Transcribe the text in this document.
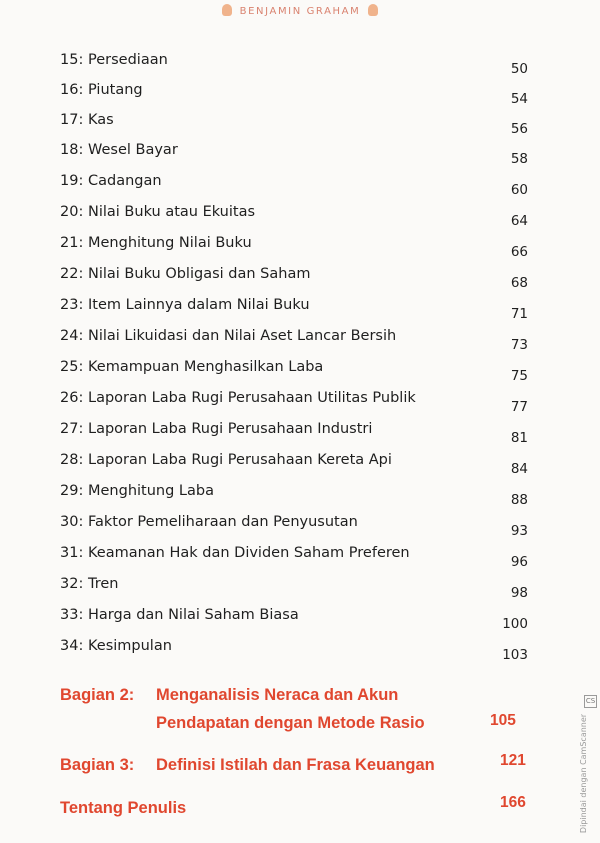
BENJAMIN GRAHAM
15: Persediaan
50
16: Piutang
54
17: Kas
56
18: Wesel Bayar
58
19: Cadangan
60
20: Nilai Buku atau Ekuitas
64
21: Menghitung Nilai Buku
66
22: Nilai Buku Obligasi dan Saham
68
23: Item Lainnya dalam Nilai Buku
71
24: Nilai Likuidasi dan Nilai Aset Lancar Bersih
73
25: Kemampuan Menghasilkan Laba
75
26: Laporan Laba Rugi Perusahaan Utilitas Publik
77
27: Laporan Laba Rugi Perusahaan Industri
81
28: Laporan Laba Rugi Perusahaan Kereta Api
84
29: Menghitung Laba
88
30: Faktor Pemeliharaan dan Penyusutan
93
31: Keamanan Hak dan Dividen Saham Preferen
96
32: Tren
98
33: Harga dan Nilai Saham Biasa
100
34: Kesimpulan
103
Bagian 2: Menganalisis Neraca dan Akun
Pendapatan dengan Metode Rasio	105
Bagian 3: Definisi Istilah dan Frasa Keuangan	121
Tentang Penulis	166
CS
Dipindai dengan CamScanner
